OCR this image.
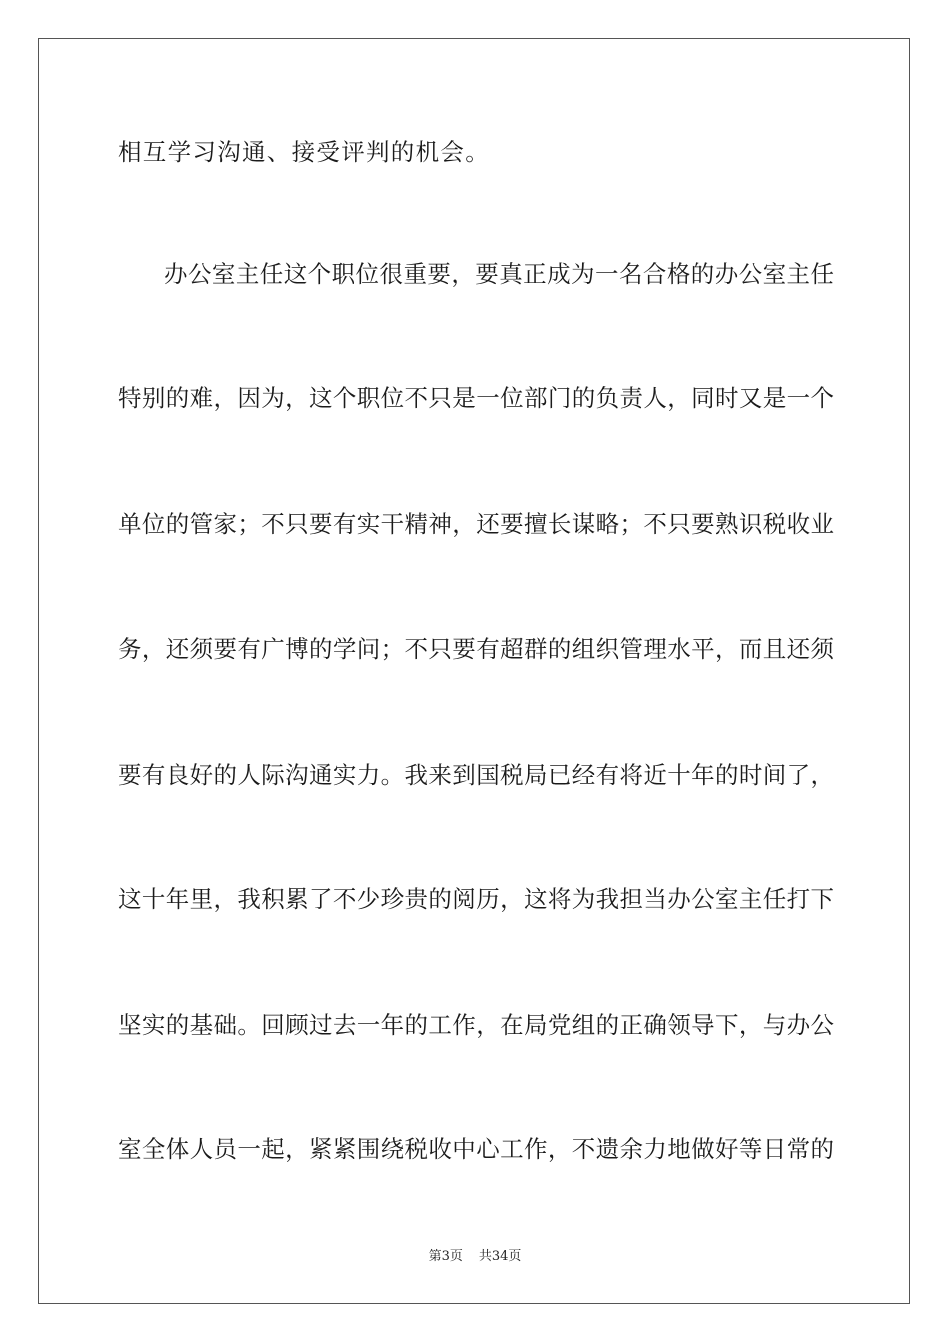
相互学习沟通、接受评判的机会。
办公室主任这个职位很重要，要真正成为一名合格的办公室主任
特别的难，因为，这个职位不只是一位部门的负责人，同时又是一个
单位的管家；不只要有实干精神，还要擅长谋略；不只要熟识税收业
务，还须要有广博的学问；不只要有超群的组织管理水平，而且还须
要有良好的人际沟通实力。我来到国税局已经有将近十年的时间了，
这十年里，我积累了不少珍贵的阅历，这将为我担当办公室主任打下
坚实的基础。回顾过去一年的工作，在局党组的正确领导下，与办公
室全体人员一起，紧紧围绕税收中心工作，不遗余力地做好等日常的
第3页 共34页
